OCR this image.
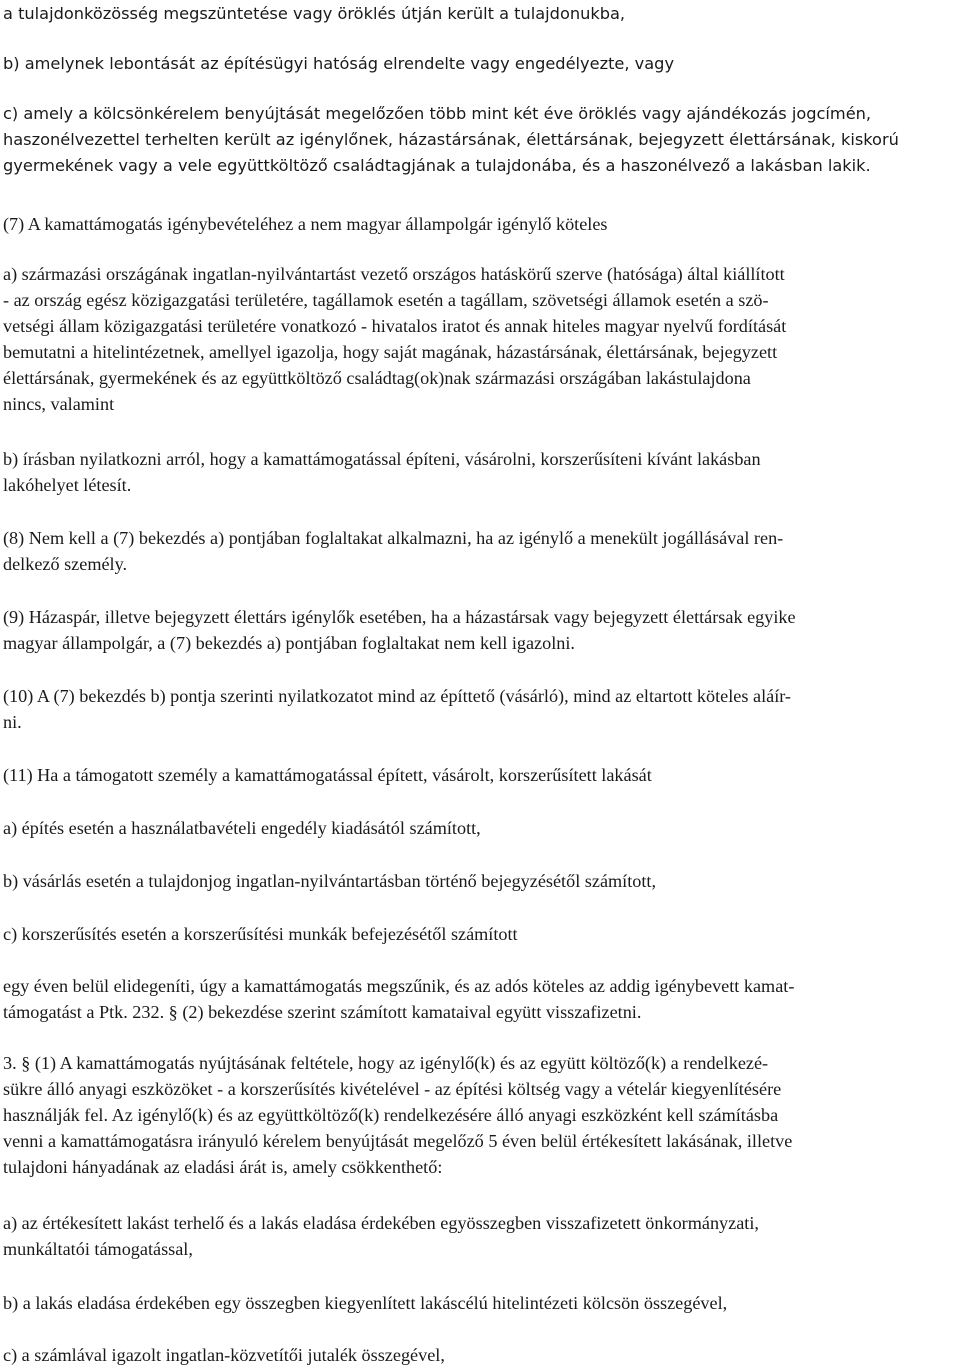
a tulajdonközösség megszüntetése vagy öröklés útján került a tulajdonukba,

b) amelynek lebontását az építésügyi hatóság elrendelte vagy engedélyezte, vagy

c) amely a kölcsönkérelem benyújtását megelőzően több mint két éve öröklés vagy ajándékozás jogcímén,
haszonélvezettel terhelten került az igénylőnek, házastársának, élettársának, bejegyzett élettársának, kiskorú
gyermekének vagy a vele együttköltöző családtagjának a tulajdonába, és a haszonélvező a lakásban lakik.

(7) A kamattámogatás igénybevételéhez a nem magyar állampolgár igénylő köteles

a) származási országának ingatlan-nyilvántartást vezető országos hatáskörű szerve (hatósága) által kiállított
- az ország egész közigazgatási területére, tagállamok esetén a tagállam, szövetségi államok esetén a szö-
vetségi állam közigazgatási területére vonatkozó - hivatalos iratot és annak hiteles magyar nyelvű fordítását
bemutatni a hitelintézetnek, amellyel igazolja, hogy saját magának, házastársának, élettársának, bejegyzett
élettársának, gyermekének és az együttköltöző családtag(ok)nak származási országában lakástulajdona
nincs, valamint

b) írásban nyilatkozni arról, hogy a kamattámogatással építeni, vásárolni, korszerűsíteni kívánt lakásban
lakóhelyet létesít.

(8) Nem kell a (7) bekezdés a) pontjában foglaltakat alkalmazni, ha az igénylő a menekült jogállásával ren-
delkező személy.

(9) Házaspár, illetve bejegyzett élettárs igénylők esetében, ha a házastársak vagy bejegyzett élettársak egyike
magyar állampolgár, a (7) bekezdés a) pontjában foglaltakat nem kell igazolni.

(10) A (7) bekezdés b) pontja szerinti nyilatkozatot mind az építtető (vásárló), mind az eltartott köteles aláír-
ni.

(11) Ha a támogatott személy a kamattámogatással épített, vásárolt, korszerűsített lakását

a) építés esetén a használatbavételi engedély kiadásától számított,

b) vásárlás esetén a tulajdonjog ingatlan-nyilvántartásban történő bejegyzésétől számított,

c) korszerűsítés esetén a korszerűsítési munkák befejezésétől számított

egy éven belül elidegeníti, úgy a kamattámogatás megszűnik, és az adós köteles az addig igénybevett kamat-
támogatást a Ptk. 232. § (2) bekezdése szerint számított kamataival együtt visszafizetni.

3. § (1) A kamattámogatás nyújtásának feltétele, hogy az igénylő(k) és az együtt költöző(k) a rendelkezé-
sükre álló anyagi eszközöket - a korszerűsítés kivételével - az építési költség vagy a vételár kiegyenlítésére
használják fel. Az igénylő(k) és az együttköltöző(k) rendelkezésére álló anyagi eszközként kell számításba
venni a kamattámogatásra irányuló kérelem benyújtását megelőző 5 éven belül értékesített lakásának, illetve
tulajdoni hányadának az eladási árát is, amely csökkenthető:

a) az értékesített lakást terhelő és a lakás eladása érdekében egyösszegben visszafizetett önkormányzati,
munkáltatói támogatással,

b) a lakás eladása érdekében egy összegben kiegyenlített lakáscélú hitelintézeti kölcsön összegével,

c) a számlával igazolt ingatlan-közvetítői jutalék összegével,
